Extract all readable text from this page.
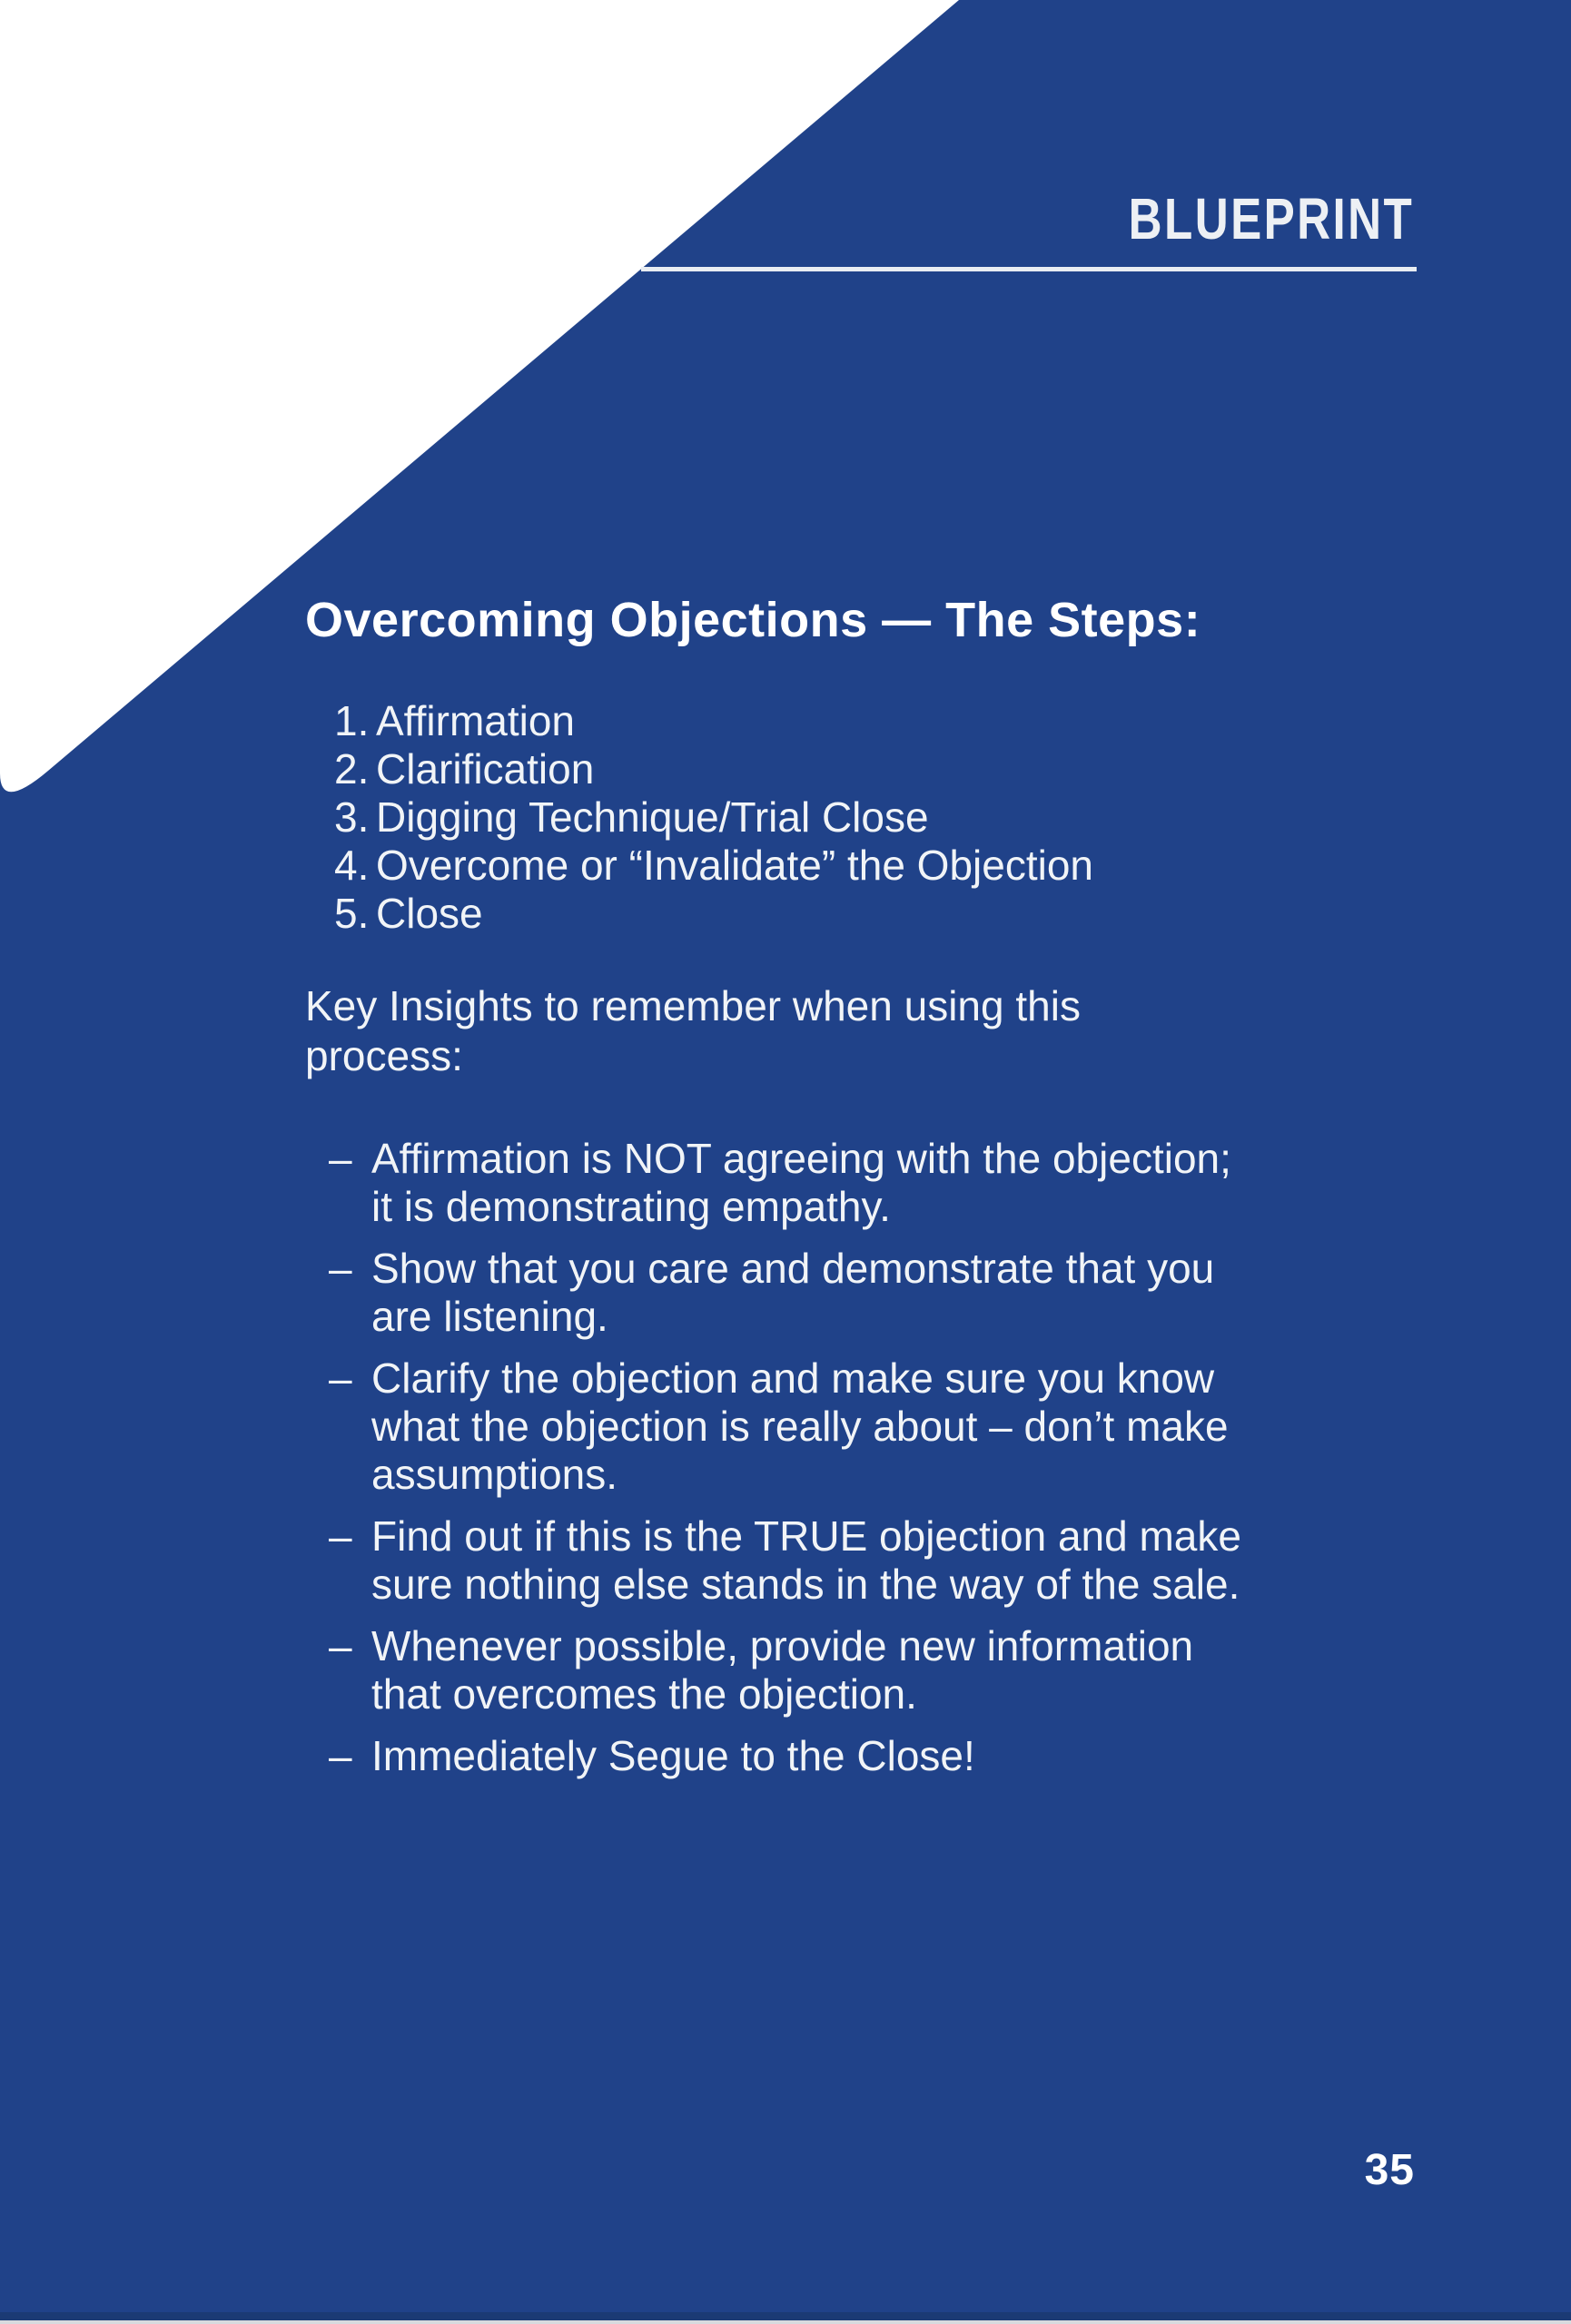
BLUEPRINT
Overcoming Objections — The Steps:
1. Affirmation
2. Clarification
3. Digging Technique/Trial Close
4. Overcome or “Invalidate” the Objection
5. Close
Key Insights to remember when using this
process:
– Affirmation is NOT agreeing with the objection;
it is demonstrating empathy.
– Show that you care and demonstrate that you
are listening.
– Clarify the objection and make sure you know
what the objection is really about – don’t make
assumptions.
– Find out if this is the TRUE objection and make
sure nothing else stands in the way of the sale.
– Whenever possible, provide new information
that overcomes the objection.
– Immediately Segue to the Close!
35
